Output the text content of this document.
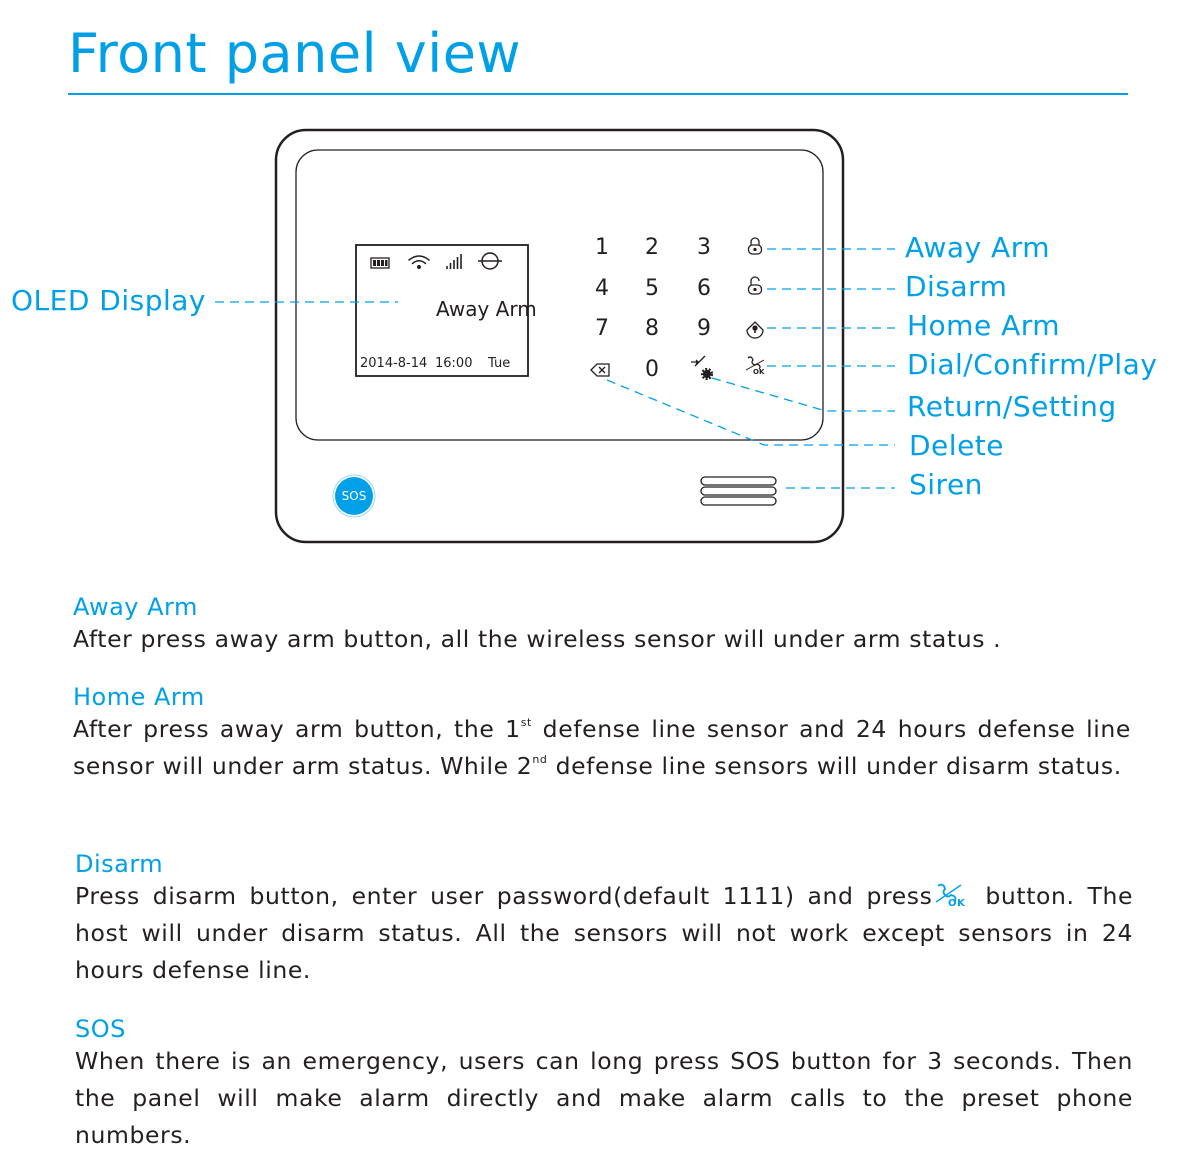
Front panel view
OK
Away Arm
2014-8-14 16:00 Tue
1	2	3
4	5	6
7	8	9
0
SOS
OLED Display
Away Arm
Disarm
Home Arm
Dial/Confirm/Play
Return/Setting
Delete
Siren
Away Arm

After press away arm button, all the wireless sensor will under arm status .

Home Arm

After press away arm button, the 1st defense line sensor and 24 hours defense line sensor will under arm status. While 2nd defense line sensors will under disarm status.

Disarm

Press disarm button, enter user password(default 1111) and press OK button. The host will under disarm status. All the sensors will not work except sensors in 24 hours defense line.

SOS

When there is an emergency, users can long press SOS button for 3 seconds. Then the panel will make alarm directly and make alarm calls to the preset phone numbers.
